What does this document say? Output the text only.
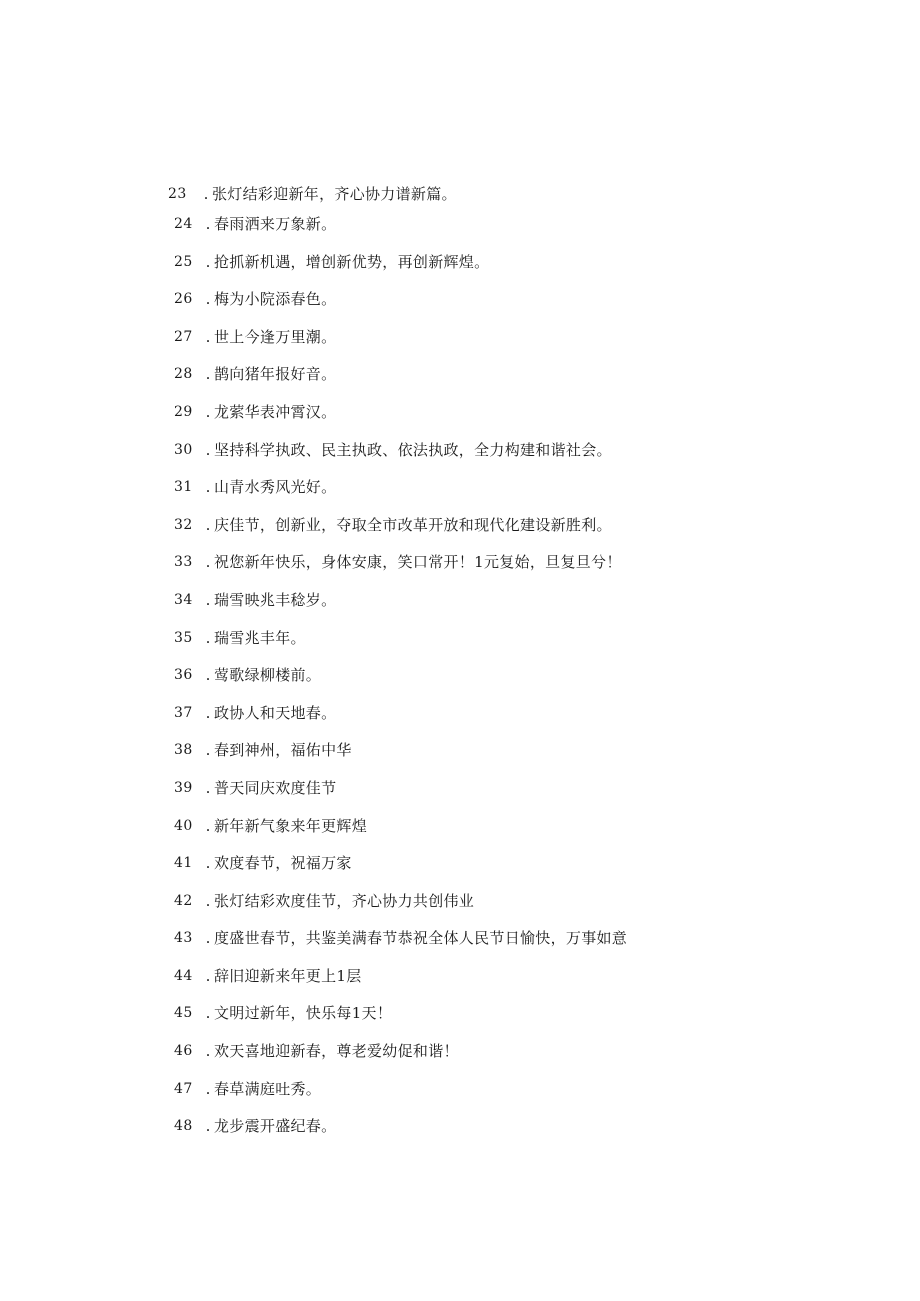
23	. 张灯结彩迎新年，齐心协力谱新篇。
24 . 春雨洒来万象新。
25 . 抢抓新机遇，增创新优势，再创新辉煌。
26 . 梅为小院添春色。
27 . 世上今逢万里潮。
28 . 鹊向猪年报好音。
29 . 龙萦华表冲霄汉。
30 . 坚持科学执政、民主执政、依法执政，全力构建和谐社会。
31 . 山青水秀风光好。
32 . 庆佳节，创新业，夺取全市改革开放和现代化建设新胜利。
33 . 祝您新年快乐，身体安康，笑口常开！1元复始，旦复旦兮！
34 . 瑞雪映兆丰稔岁。
35 . 瑞雪兆丰年。
36 . 莺歌绿柳楼前。
37 . 政协人和天地春。
38 . 春到神州，福佑中华
39 . 普天同庆欢度佳节
40 . 新年新气象来年更辉煌
41 . 欢度春节，祝福万家
42 . 张灯结彩欢度佳节，齐心协力共创伟业
43 . 度盛世春节，共鉴美满春节恭祝全体人民节日愉快，万事如意
44 . 辞旧迎新来年更上1层
45 . 文明过新年，快乐每1天！
46 . 欢天喜地迎新春，尊老爱幼促和谐！
47 . 春草满庭吐秀。
48 . 龙步震开盛纪春。
